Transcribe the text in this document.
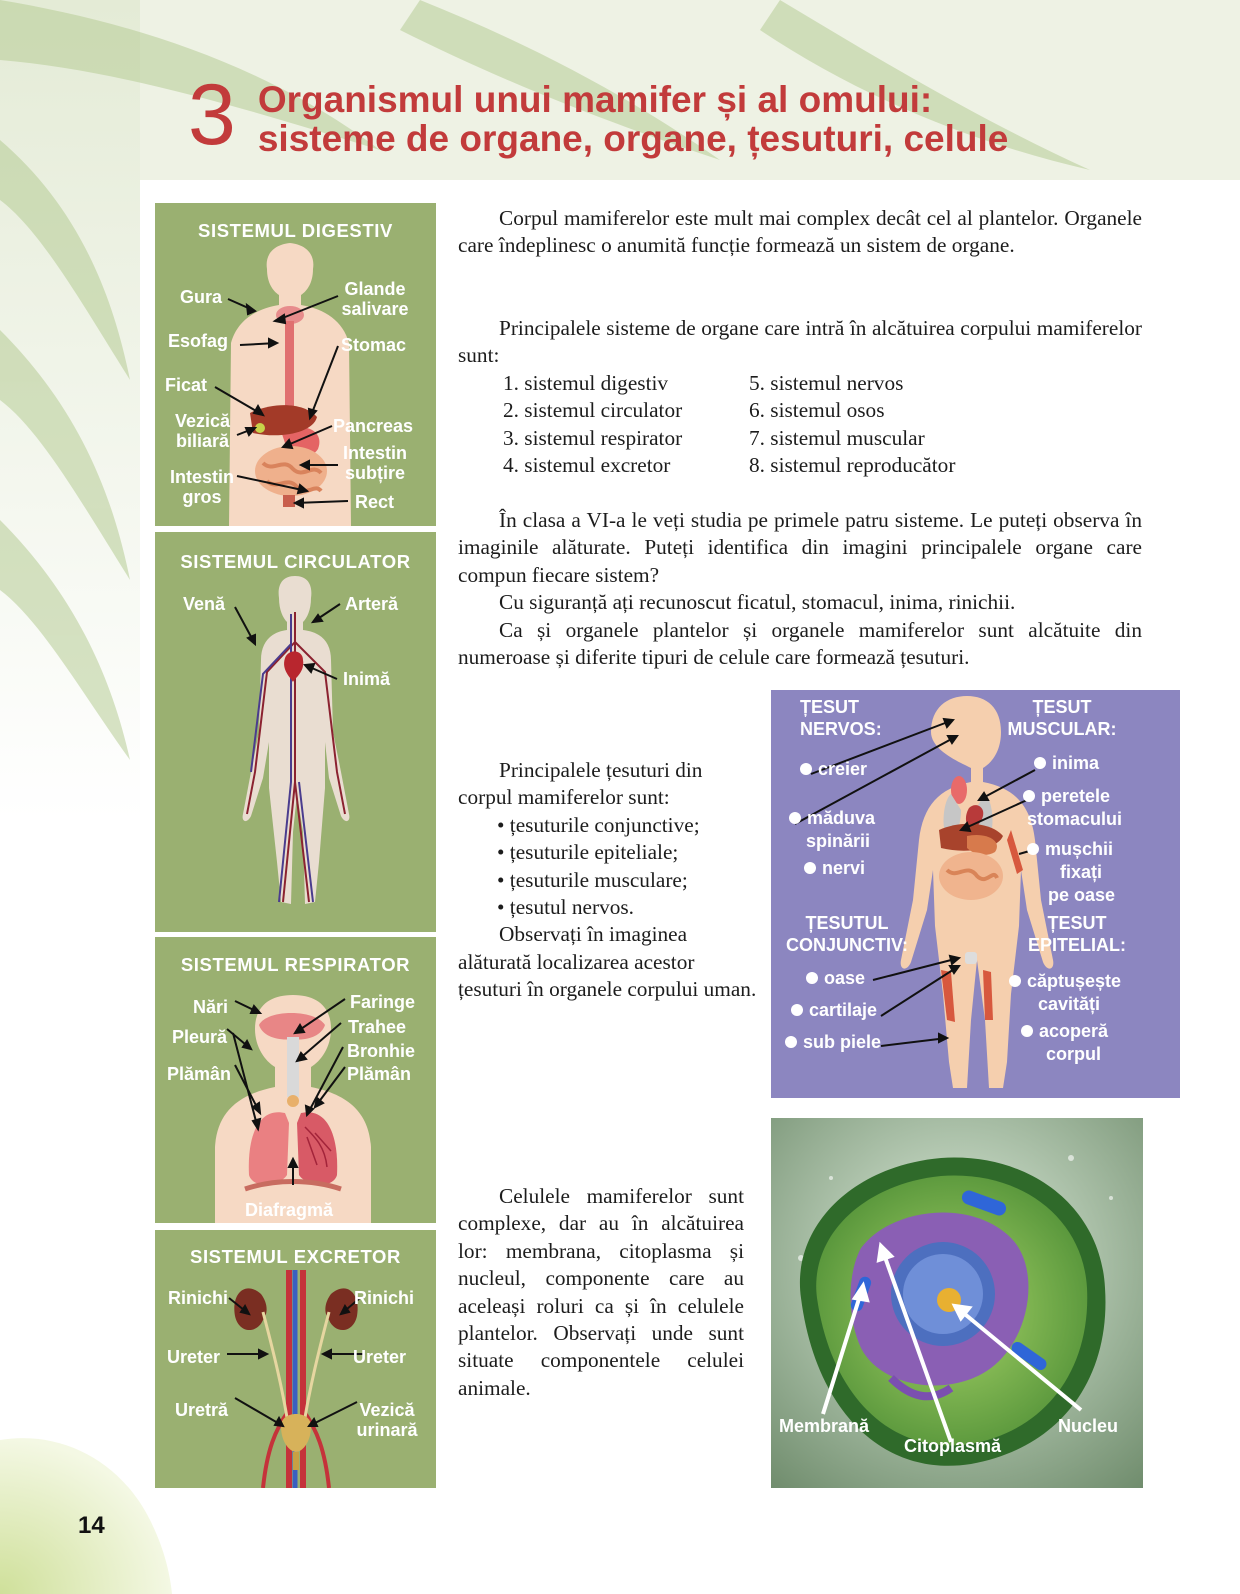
3 Organismul unui mamifer și al omului:
sisteme de organe, organe, țesuturi, celule
SISTEMUL DIGESTIV
Gura	Glande
salivare
Esofag	Stomac
Ficat
Vezică
biliară
Pancreas
Intestin
subțire
Intestin
gros	Rect
SISTEMUL CIRCULATOR
Venă	Arteră
Inimă
SISTEMUL RESPIRATOR
Nări
Pleură
Plămân
Faringe
Trahee
Bronhie
Plămân
Diafragmă
SISTEMUL EXCRETOR
Rinichi	Rinichi
Ureter	Ureter
Uretră	Vezică
urinară

Corpul mamiferelor este mult mai complex decât cel al plantelor. Organele care îndeplinesc o anumită funcție formează un sistem de organe.

Principalele sisteme de organe care intră în alcătuirea corpului mamiferelor sunt:

1. sistemul digestiv
2. sistemul circulator
3. sistemul respirator
4. sistemul excretor
5. sistemul nervos
6. sistemul osos
7. sistemul muscular
8. sistemul reproducător

În clasa a VI-a le veți studia pe primele patru sisteme. Le puteți observa în imaginile alăturate. Puteți identifica din imagini principalele organe care compun fiecare sistem?

Cu siguranță ați recunoscut ficatul, stomacul, inima, rinichii.

Ca și organele plantelor și organele mamiferelor sunt alcătuite din numeroase și diferite tipuri de celule care formează țesuturi.

Principalele țesuturi din corpul mamiferelor sunt:

• țesuturile conjunctive;
• țesuturile epiteliale;
• țesuturile musculare;
• țesutul nervos.

Observați în imaginea alăturată localizarea acestor țesuturi în organele corpului uman.

Celulele mamiferelor sunt complexe, dar au în alcătuirea lor: membrana, citoplasma și nucleul, componente care au aceleași roluri ca și în celulele plantelor. Observați unde sunt situate componentele celulei animale.

ȚESUT
NERVOS:
creier
măduva
spinării
nervi
ȚESUT
MUSCULAR:
inima
peretele
stomacului
mușchii
fixați
pe oase
ȚESUTUL
CONJUNCTIV:
oase
cartilaje
sub piele
ȚESUT
EPITELIAL:
căptușește
cavități
acoperă
corpul
Membrană
Citoplasmă
Nucleu
14
